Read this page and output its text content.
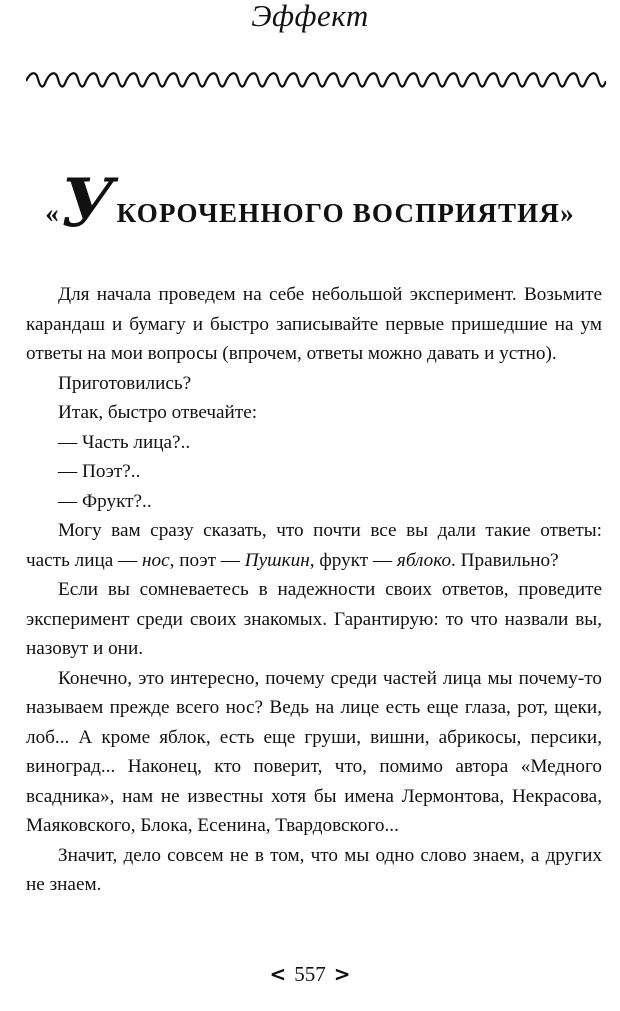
Эффект
«УКОРОЧЕННОГО ВОСПРИЯТИЯ»

Для начала проведем на себе небольшой эксперимент. Возьмите карандаш и бумагу и быстро записывайте первые пришедшие на ум ответы на мои вопросы (впрочем, ответы можно давать и устно).

Приготовились?

Итак, быстро отвечайте:

— Часть лица?..

— Поэт?..

— Фрукт?..

Могу вам сразу сказать, что почти все вы дали такие ответы: часть лица — нос, поэт — Пушкин, фрукт — яблоко. Правильно?

Если вы сомневаетесь в надежности своих ответов, проведите эксперимент среди своих знакомых. Гарантирую: то что назвали вы, назовут и они.

Конечно, это интересно, почему среди частей лица мы почему-то называем прежде всего нос? Ведь на лице есть еще глаза, рот, щеки, лоб... А кроме яблок, есть еще груши, вишни, абрикосы, персики, виноград... Наконец, кто поверит, что, помимо автора «Медного всадника», нам не известны хотя бы имена Лермонтова, Некрасова, Маяковского, Блока, Есенина, Твардовского...

Значит, дело совсем не в том, что мы одно слово знаем, а других не знаем.

< 557 >
